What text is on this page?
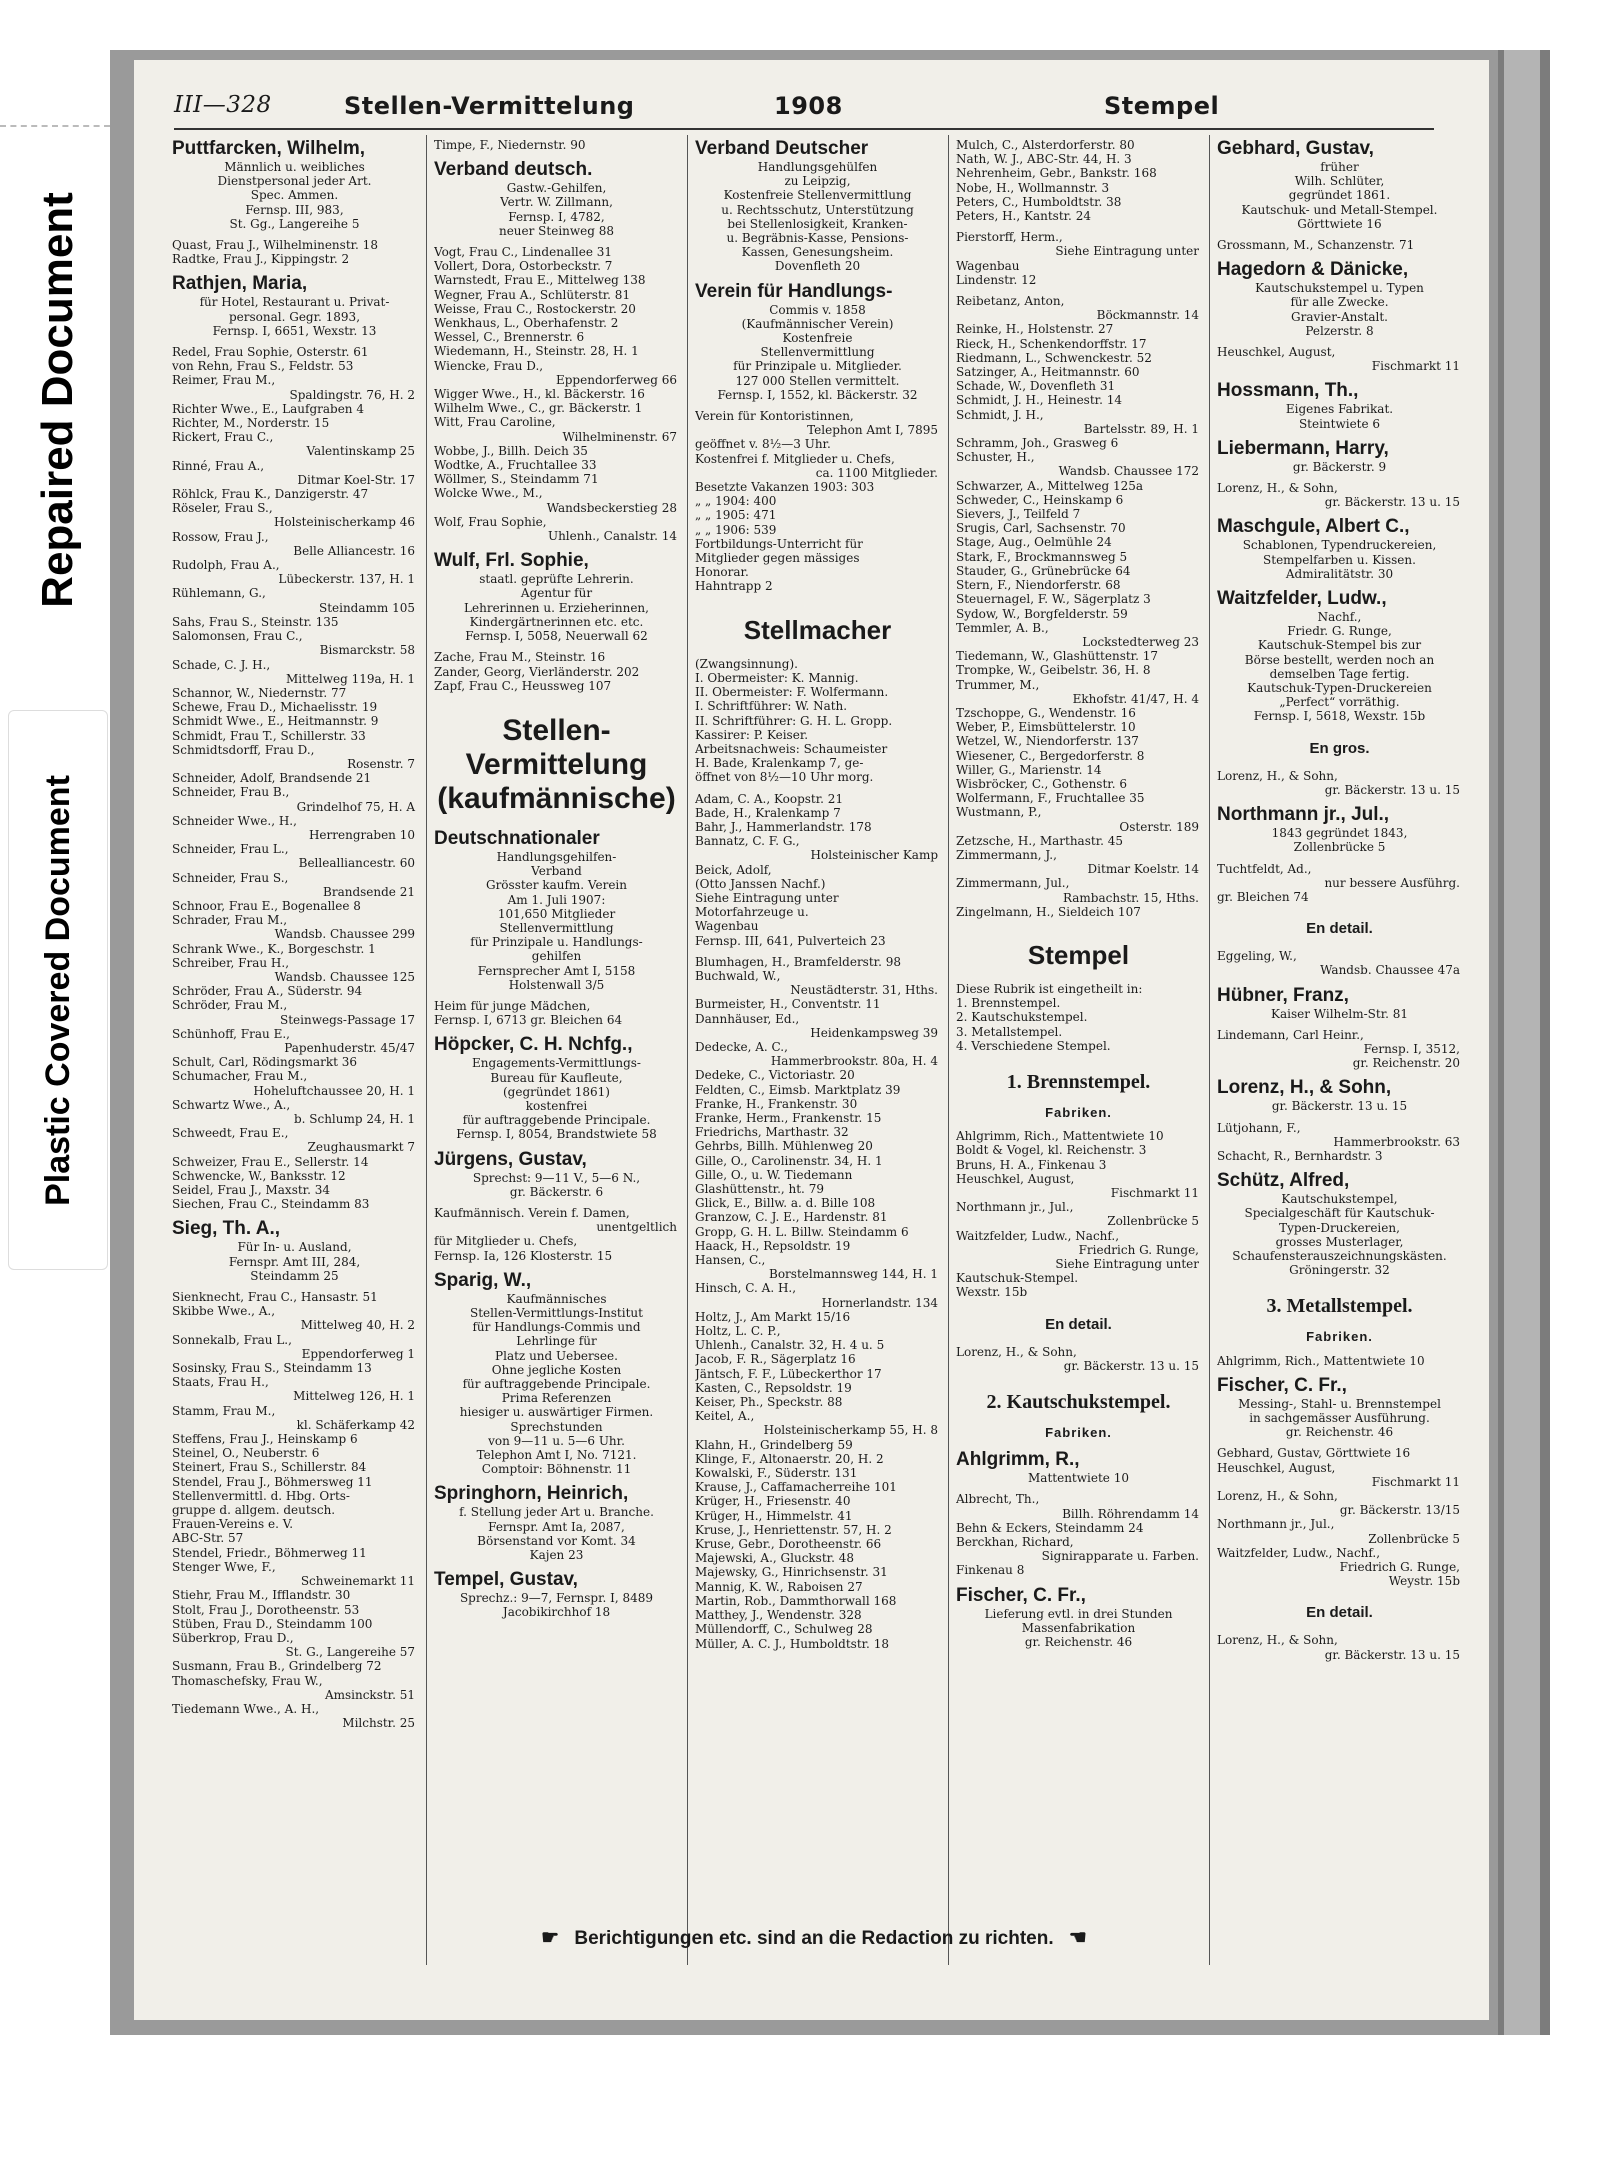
Repaired Document
Plastic Covered Document
III—328	Stellen-Vermittelung	1908	Stempel
Puttfarcken, Wilhelm,
Männlich u. weibliches
Dienstpersonal jeder Art.
Spec. Ammen.
Fernsp. III, 983,
St. Gg., Langereihe 5
Quast, Frau J., Wilhelminenstr. 18
Radtke, Frau J., Kippingstr. 2
Rathjen, Maria,
für Hotel, Restaurant u. Privat-
personal. Gegr. 1893,
Fernsp. I, 6651, Wexstr. 13
Redel, Frau Sophie, Osterstr. 61
von Rehn, Frau S., Feldstr. 53
Reimer, Frau M.,
Spaldingstr. 76, H. 2
Richter Wwe., E., Laufgraben 4
Richter, M., Norderstr. 15
Rickert, Frau C.,
Valentinskamp 25
Rinné, Frau A.,
Ditmar Koel-Str. 17
Röhlck, Frau K., Danzigerstr. 47
Röseler, Frau S.,
Holsteinischerkamp 46
Rossow, Frau J.,
Belle Alliancestr. 16
Rudolph, Frau A.,
Lübeckerstr. 137, H. 1
Rühlemann, G.,
Steindamm 105
Sahs, Frau S., Steinstr. 135
Salomonsen, Frau C.,
Bismarckstr. 58
Schade, C. J. H.,
Mittelweg 119a, H. 1
Schannor, W., Niedernstr. 77
Schewe, Frau D., Michaelisstr. 19
Schmidt Wwe., E., Heitmannstr. 9
Schmidt, Frau T., Schillerstr. 33
Schmidtsdorff, Frau D.,
Rosenstr. 7
Schneider, Adolf, Brandsende 21
Schneider, Frau B.,
Grindelhof 75, H. A
Schneider Wwe., H.,
Herrengraben 10
Schneider, Frau L.,
Bellealliancestr. 60
Schneider, Frau S.,
Brandsende 21
Schnoor, Frau E., Bogenallee 8
Schrader, Frau M.,
Wandsb. Chaussee 299
Schrank Wwe., K., Borgeschstr. 1
Schreiber, Frau H.,
Wandsb. Chaussee 125
Schröder, Frau A., Süderstr. 94
Schröder, Frau M.,
Steinwegs-Passage 17
Schünhoff, Frau E.,
Papenhuderstr. 45/47
Schult, Carl, Rödingsmarkt 36
Schumacher, Frau M.,
Hoheluftchaussee 20, H. 1
Schwartz Wwe., A.,
b. Schlump 24, H. 1
Schweedt, Frau E.,
Zeughausmarkt 7
Schweizer, Frau E., Sellerstr. 14
Schwencke, W., Banksstr. 12
Seidel, Frau J., Maxstr. 34
Siechen, Frau C., Steindamm 83
Sieg, Th. A.,
Für In- u. Ausland,
Fernspr. Amt III, 284,
Steindamm 25
Sienknecht, Frau C., Hansastr. 51
Skibbe Wwe., A.,
Mittelweg 40, H. 2
Sonnekalb, Frau L.,
Eppendorferweg 1
Sosinsky, Frau S., Steindamm 13
Staats, Frau H.,
Mittelweg 126, H. 1
Stamm, Frau M.,
kl. Schäferkamp 42
Steffens, Frau J., Heinskamp 6
Steinel, O., Neuberstr. 6
Steinert, Frau S., Schillerstr. 84
Stendel, Frau J., Böhmersweg 11
Stellenvermittl. d. Hbg. Orts-
gruppe d. allgem. deutsch.
Frauen-Vereins e. V.
ABC-Str. 57
Stendel, Friedr., Böhmerweg 11
Stenger Wwe, F.,
Schweinemarkt 11
Stiehr, Frau M., Ifflandstr. 30
Stolt, Frau J., Dorotheenstr. 53
Stüben, Frau D., Steindamm 100
Süberkrop, Frau D.,
St. G., Langereihe 57
Susmann, Frau B., Grindelberg 72
Thomaschefsky, Frau W.,
Amsinckstr. 51
Tiedemann Wwe., A. H.,
Milchstr. 25
Timpe, F., Niedernstr. 90
Verband deutsch.
Gastw.-Gehilfen,
Vertr. W. Zillmann,
Fernsp. I, 4782,
neuer Steinweg 88
Vogt, Frau C., Lindenallee 31
Vollert, Dora, Ostorbeckstr. 7
Warnstedt, Frau E., Mittelweg 138
Wegner, Frau A., Schlüterstr. 81
Weisse, Frau C., Rostockerstr. 20
Wenkhaus, L., Oberhafenstr. 2
Wessel, C., Brennerstr. 6
Wiedemann, H., Steinstr. 28, H. 1
Wiencke, Frau D.,
Eppendorferweg 66
Wigger Wwe., H., kl. Bäckerstr. 16
Wilhelm Wwe., C., gr. Bäckerstr. 1
Witt, Frau Caroline,
Wilhelminenstr. 67
Wobbe, J., Billh. Deich 35
Wodtke, A., Fruchtallee 33
Wöllmer, S., Steindamm 71
Wolcke Wwe., M.,
Wandsbeckerstieg 28
Wolf, Frau Sophie,
Uhlenh., Canalstr. 14
Wulf, Frl. Sophie,
staatl. geprüfte Lehrerin.
Agentur für
Lehrerinnen u. Erzieherinnen,
Kindergärtnerinnen etc. etc.
Fernsp. I, 5058, Neuerwall 62
Zache, Frau M., Steinstr. 16
Zander, Georg, Vierländerstr. 202
Zapf, Frau C., Heussweg 107
Stellen-
Vermittelung
(kaufmännische)
Deutschnationaler
Handlungsgehilfen-
Verband
Grösster kaufm. Verein
Am 1. Juli 1907:
101,650 Mitglieder
Stellenvermittlung
für Prinzipale u. Handlungs-
gehilfen
Fernsprecher Amt I, 5158
Holstenwall 3/5
Heim für junge Mädchen,
Fernsp. I, 6713 gr. Bleichen 64
Höpcker, C. H. Nchfg.,
Engagements-Vermittlungs-
Bureau für Kaufleute,
(gegründet 1861)
kostenfrei
für auftraggebende Principale.
Fernsp. I, 8054, Brandstwiete 58
Jürgens, Gustav,
Sprechst: 9—11 V., 5—6 N.,
gr. Bäckerstr. 6
Kaufmännisch. Verein f. Damen,
unentgeltlich
für Mitglieder u. Chefs,
Fernsp. Ia, 126 Klosterstr. 15
Sparig, W.,
Kaufmännisches
Stellen-Vermittlungs-Institut
für Handlungs-Commis und
Lehrlinge für
Platz und Uebersee.
Ohne jegliche Kosten
für auftraggebende Principale.
Prima Referenzen
hiesiger u. auswärtiger Firmen.
Sprechstunden
von 9—11 u. 5—6 Uhr.
Telephon Amt I, No. 7121.
Comptoir: Böhnenstr. 11
Springhorn, Heinrich,
f. Stellung jeder Art u. Branche.
Fernspr. Amt Ia, 2087,
Börsenstand vor Komt. 34
Kajen 23
Tempel, Gustav,
Sprechz.: 9—7, Fernspr. I, 8489
Jacobikirchhof 18
Verband Deutscher
Handlungsgehülfen
zu Leipzig,
Kostenfreie Stellenvermittlung
u. Rechtsschutz, Unterstützung
bei Stellenlosigkeit, Kranken-
u. Begräbnis-Kasse, Pensions-
Kassen, Genesungsheim.
Dovenfleth 20
Verein für Handlungs-
Commis v. 1858
(Kaufmännischer Verein)
Kostenfreie
Stellenvermittlung
für Prinzipale u. Mitglieder.
127 000 Stellen vermittelt.
Fernsp. I, 1552, kl. Bäckerstr. 32
Verein für Kontoristinnen,
Telephon Amt I, 7895
geöffnet v. 8½—3 Uhr.
Kostenfrei f. Mitglieder u. Chefs,
ca. 1100 Mitglieder.
Besetzte Vakanzen 1903: 303
„ „ 1904: 400
„ „ 1905: 471
„ „ 1906: 539
Fortbildungs-Unterricht für
Mitglieder gegen mässiges
Honorar.
Hahntrapp 2
Stellmacher
(Zwangsinnung).
I. Obermeister: K. Mannig.
II. Obermeister: F. Wolfermann.
I. Schriftführer: W. Nath.
II. Schriftführer: G. H. L. Gropp.
Kassirer: P. Keiser.
Arbeitsnachweis: Schaumeister
H. Bade, Kralenkamp 7, ge-
öffnet von 8½—10 Uhr morg.
Adam, C. A., Koopstr. 21
Bade, H., Kralenkamp 7
Bahr, J., Hammerlandstr. 178
Bannatz, C. F. G.,
Holsteinischer Kamp
Beick, Adolf,
(Otto Janssen Nachf.)
Siehe Eintragung unter
Motorfahrzeuge u.
Wagenbau
Fernsp. III, 641, Pulverteich 23
Blumhagen, H., Bramfelderstr. 98
Buchwald, W.,
Neustädterstr. 31, Hths.
Burmeister, H., Conventstr. 11
Dannhäuser, Ed.,
Heidenkampsweg 39
Dedecke, A. C.,
Hammerbrookstr. 80a, H. 4
Dedeke, C., Victoriastr. 20
Feldten, C., Eimsb. Marktplatz 39
Franke, H., Frankenstr. 30
Franke, Herm., Frankenstr. 15
Friedrichs, Marthastr. 32
Gehrbs, Billh. Mühlenweg 20
Gille, O., Carolinenstr. 34, H. 1
Gille, O., u. W. Tiedemann
Glashüttenstr., ht. 79
Glick, E., Billw. a. d. Bille 108
Granzow, C. J. E., Hardenstr. 81
Gropp, G. H. L. Billw. Steindamm 6
Haack, H., Repsoldstr. 19
Hansen, C.,
Borstelmannsweg 144, H. 1
Hinsch, C. A. H.,
Hornerlandstr. 134
Holtz, J., Am Markt 15/16
Holtz, L. C. P.,
Uhlenh., Canalstr. 32, H. 4 u. 5
Jacob, F. R., Sägerplatz 16
Jäntsch, F. F., Lübeckerthor 17
Kasten, C., Repsoldstr. 19
Keiser, Ph., Speckstr. 88
Keitel, A.,
Holsteinischerkamp 55, H. 8
Klahn, H., Grindelberg 59
Klinge, F., Altonaerstr. 20, H. 2
Kowalski, F., Süderstr. 131
Krause, J., Caffamacherreihe 101
Krüger, H., Friesenstr. 40
Krüger, H., Himmelstr. 41
Kruse, J., Henriettenstr. 57, H. 2
Kruse, Gebr., Dorotheenstr. 66
Majewski, A., Gluckstr. 48
Majewsky, G., Hinrichsenstr. 31
Mannig, K. W., Raboisen 27
Martin, Rob., Dammthorwall 168
Matthey, J., Wendenstr. 328
Müllendorff, C., Schulweg 28
Müller, A. C. J., Humboldtstr. 18
Mulch, C., Alsterdorferstr. 80
Nath, W. J., ABC-Str. 44, H. 3
Nehrenheim, Gebr., Bankstr. 168
Nobe, H., Wollmannstr. 3
Peters, C., Humboldtstr. 38
Peters, H., Kantstr. 24
Pierstorff, Herm.,
Siehe Eintragung unter
Wagenbau
Lindenstr. 12
Reibetanz, Anton,
Böckmannstr. 14
Reinke, H., Holstenstr. 27
Rieck, H., Schenkendorffstr. 17
Riedmann, L., Schwenckestr. 52
Satzinger, A., Heitmannstr. 60
Schade, W., Dovenfleth 31
Schmidt, J. H., Heinestr. 14
Schmidt, J. H.,
Bartelsstr. 89, H. 1
Schramm, Joh., Grasweg 6
Schuster, H.,
Wandsb. Chaussee 172
Schwarzer, A., Mittelweg 125a
Schweder, C., Heinskamp 6
Sievers, J., Teilfeld 7
Srugis, Carl, Sachsenstr. 70
Stage, Aug., Oelmühle 24
Stark, F., Brockmannsweg 5
Stauder, G., Grünebrücke 64
Stern, F., Niendorferstr. 68
Steuernagel, F. W., Sägerplatz 3
Sydow, W., Borgfelderstr. 59
Temmler, A. B.,
Lockstedterweg 23
Tiedemann, W., Glashüttenstr. 17
Trompke, W., Geibelstr. 36, H. 8
Trummer, M.,
Ekhofstr. 41/47, H. 4
Tzschoppe, G., Wendenstr. 16
Weber, P., Eimsbüttelerstr. 10
Wetzel, W., Niendorferstr. 137
Wiesener, C., Bergedorferstr. 8
Willer, G., Marienstr. 14
Wisbröcker, C., Gothenstr. 6
Wolfermann, F., Fruchtallee 35
Wustmann, P.,
Osterstr. 189
Zetzsche, H., Marthastr. 45
Zimmermann, J.,
Ditmar Koelstr. 14
Zimmermann, Jul.,
Rambachstr. 15, Hths.
Zingelmann, H., Sieldeich 107
Stempel
Diese Rubrik ist eingetheilt in:
1. Brennstempel.
2. Kautschukstempel.
3. Metallstempel.
4. Verschiedene Stempel.
1. Brennstempel.
Fabriken.
Ahlgrimm, Rich., Mattentwiete 10
Boldt & Vogel, kl. Reichenstr. 3
Bruns, H. A., Finkenau 3
Heuschkel, August,
Fischmarkt 11
Northmann jr., Jul.,
Zollenbrücke 5
Waitzfelder, Ludw., Nachf.,
Friedrich G. Runge,
Siehe Eintragung unter
Kautschuk-Stempel.
Wexstr. 15b
En detail.
Lorenz, H., & Sohn,
gr. Bäckerstr. 13 u. 15
2. Kautschukstempel.
Fabriken.
Ahlgrimm, R.,
Mattentwiete 10
Albrecht, Th.,
Billh. Röhrendamm 14
Behn & Eckers, Steindamm 24
Berckhan, Richard,
Signirapparate u. Farben.
Finkenau 8
Fischer, C. Fr.,
Lieferung evtl. in drei Stunden
Massenfabrikation
gr. Reichenstr. 46
Gebhard, Gustav,
früher
Wilh. Schlüter,
gegründet 1861.
Kautschuk- und Metall-Stempel.
Görttwiete 16
Grossmann, M., Schanzenstr. 71
Hagedorn & Dänicke,
Kautschukstempel u. Typen
für alle Zwecke.
Gravier-Anstalt.
Pelzerstr. 8
Heuschkel, August,
Fischmarkt 11
Hossmann, Th.,
Eigenes Fabrikat.
Steintwiete 6
Liebermann, Harry,
gr. Bäckerstr. 9
Lorenz, H., & Sohn,
gr. Bäckerstr. 13 u. 15
Maschgule, Albert C.,
Schablonen, Typendruckereien,
Stempelfarben u. Kissen.
Admiralitätstr. 30
Waitzfelder, Ludw.,
Nachf.,
Friedr. G. Runge,
Kautschuk-Stempel bis zur
Börse bestellt, werden noch an
demselben Tage fertig.
Kautschuk-Typen-Druckereien
„Perfect“ vorräthig.
Fernsp. I, 5618, Wexstr. 15b
En gros.
Lorenz, H., & Sohn,
gr. Bäckerstr. 13 u. 15
Northmann jr., Jul.,
1843 gegründet 1843,
Zollenbrücke 5
Tuchtfeldt, Ad.,
nur bessere Ausführg.
gr. Bleichen 74
En detail.
Eggeling, W.,
Wandsb. Chaussee 47a
Hübner, Franz,
Kaiser Wilhelm-Str. 81
Lindemann, Carl Heinr.,
Fernsp. I, 3512,
gr. Reichenstr. 20
Lorenz, H., & Sohn,
gr. Bäckerstr. 13 u. 15
Lütjohann, F.,
Hammerbrookstr. 63
Schacht, R., Bernhardstr. 3
Schütz, Alfred,
Kautschukstempel,
Specialgeschäft für Kautschuk-
Typen-Druckereien,
grosses Musterlager,
Schaufensterauszeichnungskästen.
Gröningerstr. 32
3. Metallstempel.
Fabriken.
Ahlgrimm, Rich., Mattentwiete 10
Fischer, C. Fr.,
Messing-, Stahl- u. Brennstempel
in sachgemässer Ausführung.
gr. Reichenstr. 46
Gebhard, Gustav, Görttwiete 16
Heuschkel, August,
Fischmarkt 11
Lorenz, H., & Sohn,
gr. Bäckerstr. 13/15
Northmann jr., Jul.,
Zollenbrücke 5
Waitzfelder, Ludw., Nachf.,
Friedrich G. Runge,
Weystr. 15b
En detail.
Lorenz, H., & Sohn,
gr. Bäckerstr. 13 u. 15
☛ Berichtigungen etc. sind an die Redaction zu richten. ☚
